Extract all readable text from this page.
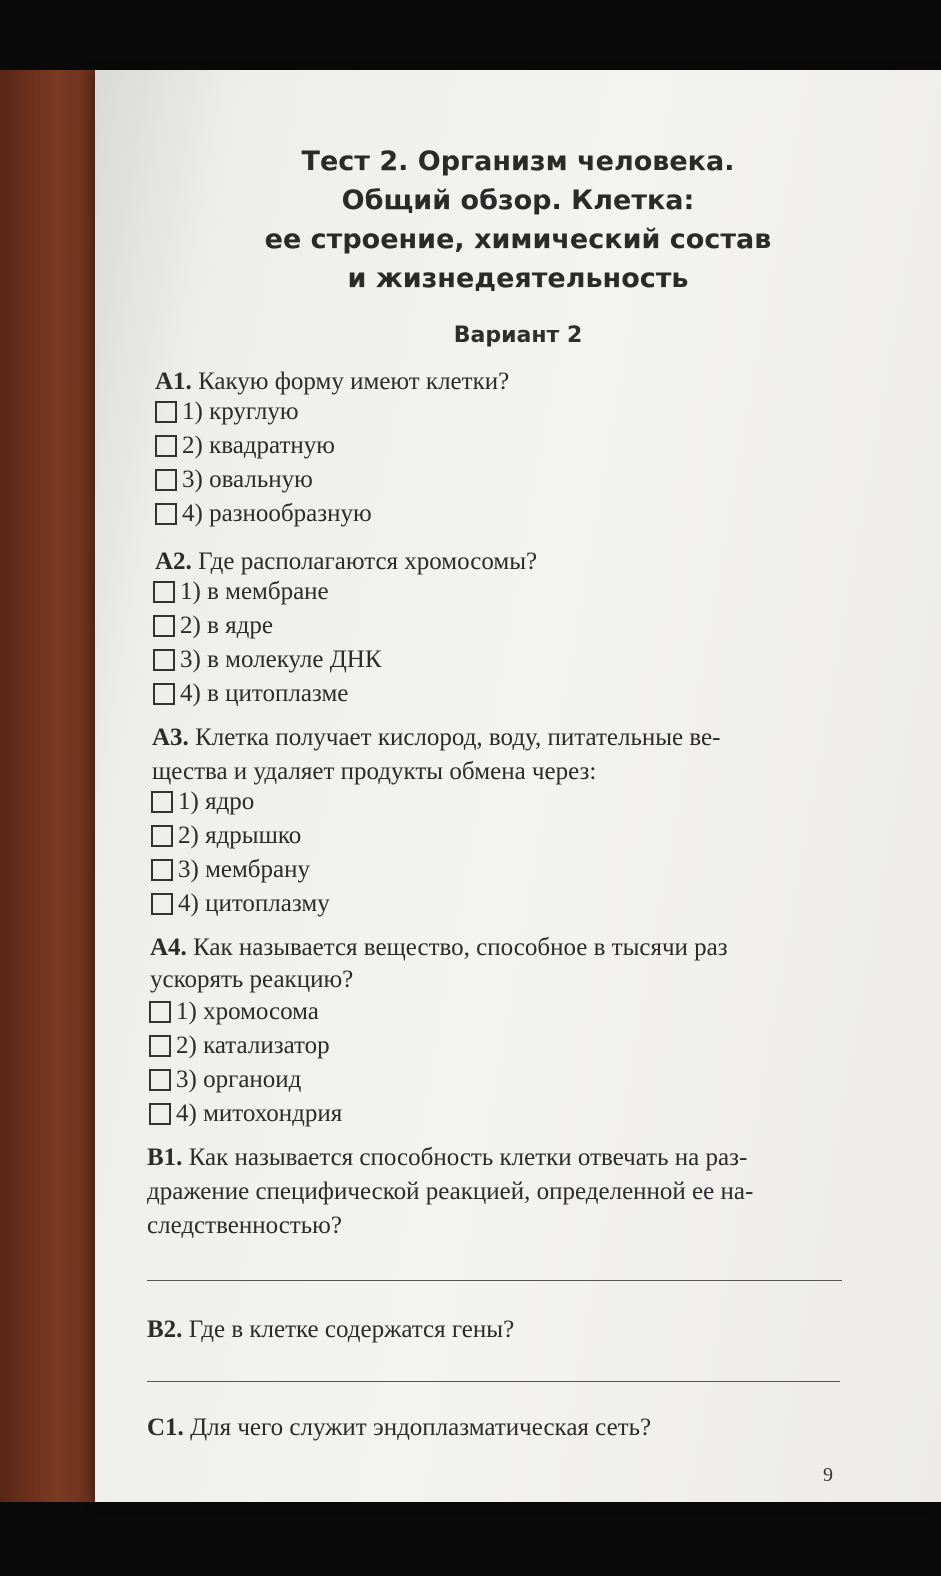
Тест 2. Организм человека.
Общий обзор. Клетка:
ее строение, химический состав
и жизнедеятельность
Вариант 2
A1. Какую форму имеют клетки?
1) круглую
2) квадратную
3) овальную
4) разнообразную
A2. Где располагаются хромосомы?
1) в мембране
2) в ядре
3) в молекуле ДНК
4) в цитоплазме
A3. Клетка получает кислород, воду, питательные ве-
щества и удаляет продукты обмена через:
1) ядро
2) ядрышко
3) мембрану
4) цитоплазму
A4. Как называется вещество, способное в тысячи раз
ускорять реакцию?
1) хромосома
2) катализатор
3) органоид
4) митохондрия
B1. Как называется способность клетки отвечать на раз-
дражение специфической реакцией, определенной ее на-
следственностью?
B2. Где в клетке содержатся гены?
C1. Для чего служит эндоплазматическая сеть?
9
